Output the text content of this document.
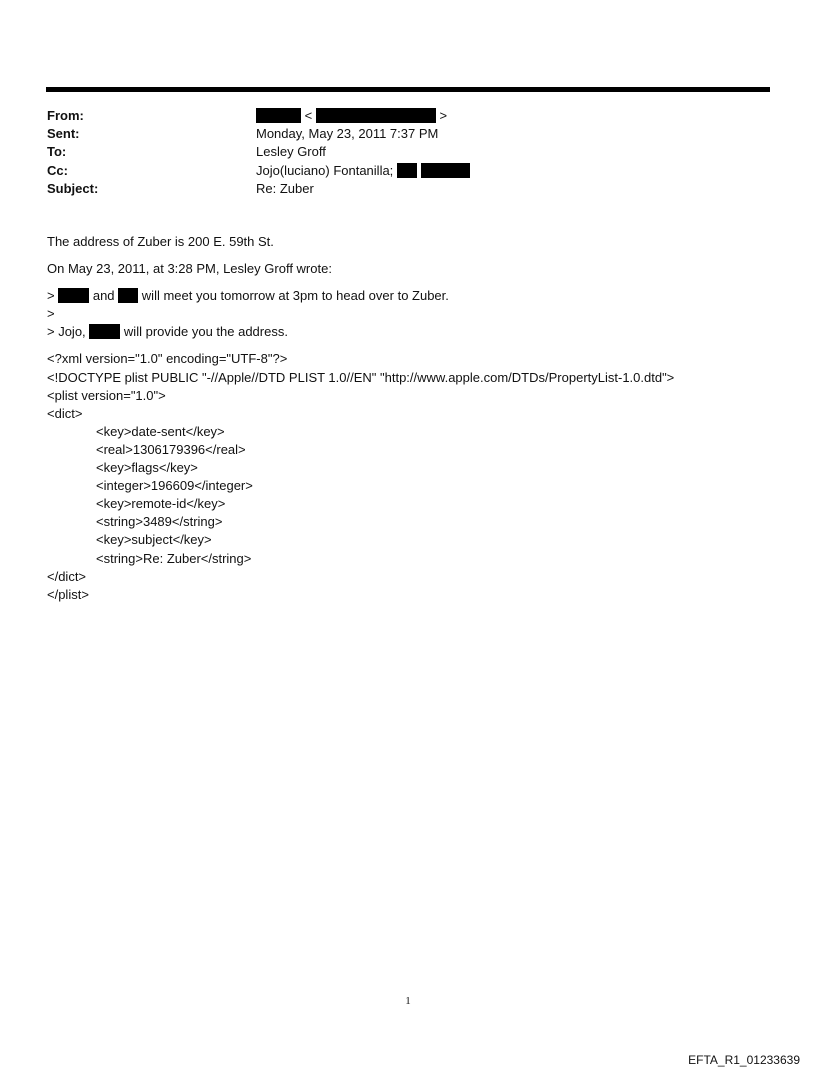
From:	<	>
Sent:	Monday, May 23, 2011 7:37 PM
To:	Lesley Groff
Cc:	Jojo(luciano) Fontanilla;
Subject:	Re: Zuber
The address of Zuber is 200 E. 59th St.
On May 23, 2011, at 3:28 PM, Lesley Groff wrote:
>	and will meet you tomorrow at 3pm to head over to Zuber.
>
> Jojo,	will provide you the address.
<?xml version="1.0" encoding="UTF-8"?>
<!DOCTYPE plist PUBLIC "-//Apple//DTD PLIST 1.0//EN" "http://www.apple.com/DTDs/PropertyList-1.0.dtd">
<plist version="1.0">
<dict>
<key>date-sent</key>
<real>1306179396</real>
<key>flags</key>
<integer>196609</integer>
<key>remote-id</key>
<string>3489</string>
<key>subject</key>
<string>Re: Zuber</string>
</dict>
</plist>
1
EFTA_R1_01233639
